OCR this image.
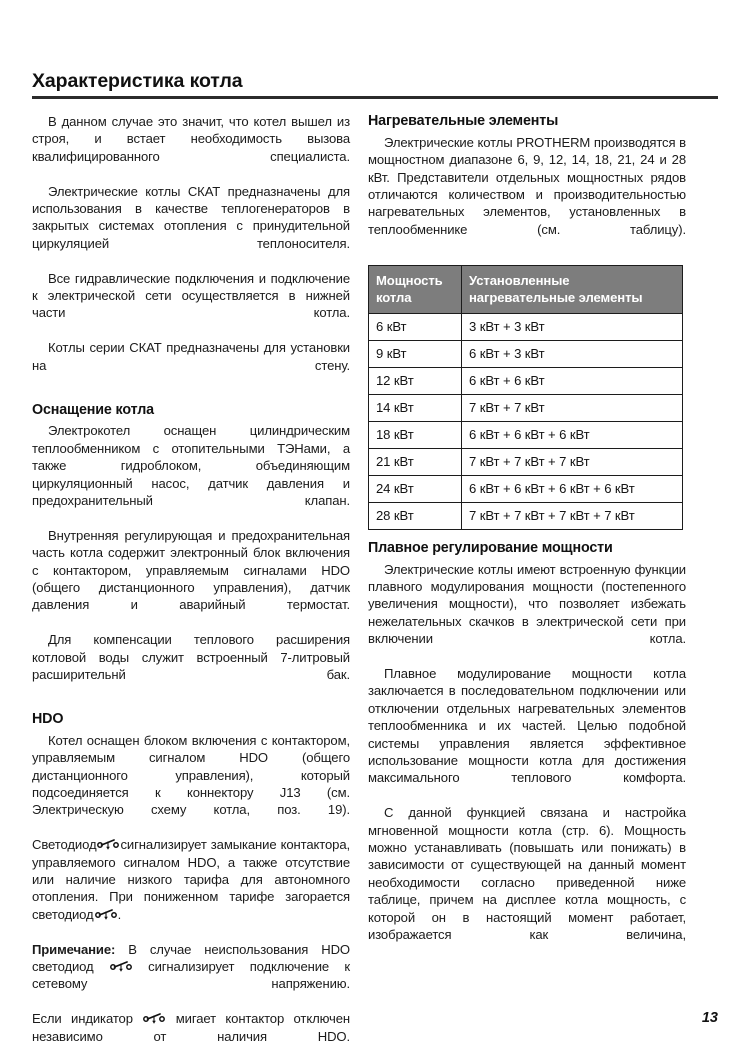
Характеристика котла

В данном случае это значит, что котел вышел из строя, и встает необходимость вызова квалифицированного специалиста.

Электрические котлы СКАТ предназначены для использования в качестве теплогенераторов в закрытых системах отопления с принудительной циркуляцией теплоносителя.

Все гидравлические подключения и подключение к электрической сети осуществляется в нижней части котла.

Котлы серии СКАТ предназначены для установки на стену.

Оснащение котла

Электрокотел оснащен цилиндрическим теплообменником с отопительными ТЭНами, а также гидроблоком, объединяющим циркуляционный насос, датчик давления и предохранительный клапан.

Внутренняя регулирующая и предохранительная часть котла содержит электронный блок включения с контактором, управляемым сигналами HDO (общего дистанционного управления), датчик давления и аварийный термостат.

Для компенсации теплового расширения котловой воды служит встроенный 7-литровый расширительнй бак.

HDO

Котел оснащен блоком включения с контактором, управляемым сигналом HDO (общего дистанционного управления), который подсоединяется к коннектору J13 (см. Электрическую схему котла, поз. 19).

Светодиод сигнализирует замыкание контактора, управляемого сигналом HDO, а также отсутствие или наличие низкого тарифа для автономного отопления. При пониженном тарифе загорается светодиод .

Примечание: В случае неиспользования HDO светодиод	сигнализирует подключение к сетевому напряжению.

Если индикатор	мигает контактор отключен независимо от наличия HDO.

Нагревательные элементы

Электрические котлы PROTHERM производятся в мощностном диапазоне 6, 9, 12, 14, 18, 21, 24 и 28 кВт. Представители отдельных мощностных рядов отличаются количеством и производительностью нагревательных элементов, установленных в теплообменнике (см. таблицу).

Мощность котла	Установленные нагревательные элементы
6 кВт	3 кВт + 3 кВт
9 кВт	6 кВт + 3 кВт
12 кВт	6 кВт + 6 кВт
14 кВт	7 кВт + 7 кВт
18 кВт	6 кВт + 6 кВт + 6 кВт
21 кВт	7 кВт + 7 кВт + 7 кВт
24 кВт	6 кВт + 6 кВт + 6 кВт + 6 кВт
28 кВт	7 кВт + 7 кВт + 7 кВт + 7 кВт
Плавное регулирование мощности

Электрические котлы имеют встроенную функции плавного модулирования мощности (постепенного увеличения мощности), что позволяет избежать нежелательных скачков в электрической сети при включении котла.

Плавное модулирование мощности котла заключается в последовательном подключении или отключении отдельных нагревательных элементов теплообменника и их частей. Целью подобной системы управления является эффективное использование мощности котла для достижения максимального теплового комфорта.

С данной функцией связана и настройка мгновенной мощности котла (стр. 6). Мощность можно устанавливать (повышать или понижать) в зависимости от существующей на данный момент необходимости согласно приведенной ниже таблице, причем на дисплее котла мощность, с которой он в настоящий момент работает, изображается как величина,

13
